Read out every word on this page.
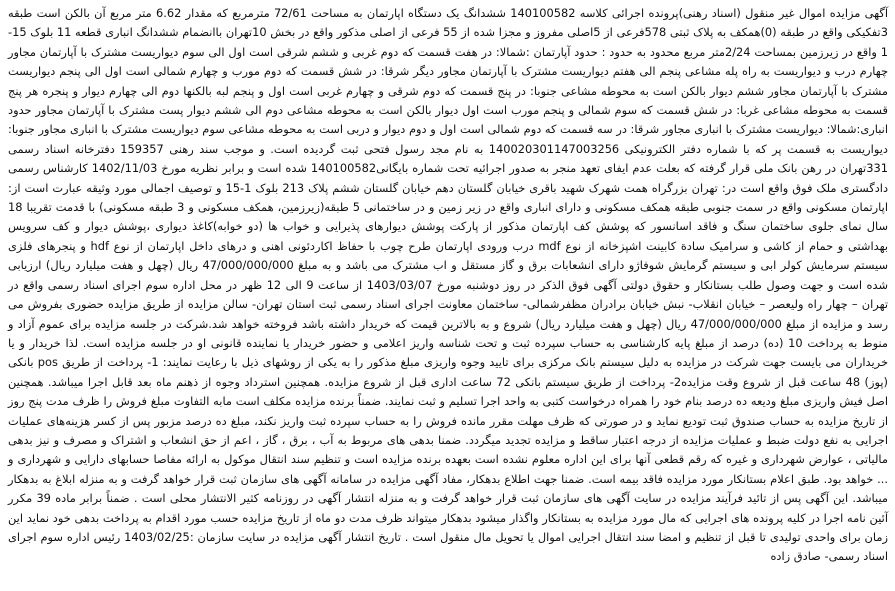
آگهی مزایده اموال غیر منقول (اسناد رهنی)پرونده اجرائی کلاسه 140100582 ششدانگ یک دستگاه اپارتمان به مساحت 72/61 مترمربع که مقدار 6.62 متر مربع آن بالکن است طبقه 3تفکیکی واقع در طبقه (0)همکف به پلاک ثبتی 578فرعی از 5اصلی مفروز و مجزا شده از 55 فرعی از اصلی مذکور واقع در بخش 10تهران باانضمام ششدانگ انباری قطعه 11 بلوک 15-1 واقع در زیرزمین بمساحت 2/24متر مربع محدود به حدود : حدود آپارتمان :شمالا: در هفت قسمت که دوم غربی و ششم شرقی است اول الی سوم دیواریست مشترک با آپارتمان مجاور چهارم درب و دیواریست به راه پله مشاعی پنجم الی هفتم دیواریست مشترک با آپارتمان مجاور دیگر شرقا: در شش قسمت که دوم مورب و چهارم شمالی است اول الی پنجم دیواریست مشترک با آپارتمان مجاور ششم دیوار بالکن است به محوطه مشاعی جنوبا: در پنج قسمت که دوم شرقی و چهارم غربی است اول و پنجم لبه بالکنها دوم الی چهارم دیوار و پنجره هر پنج قسمت به محوطه مشاعی غربا: در شش قسمت که سوم شمالی و پنجم مورب است اول دیوار بالکن است به محوطه مشاعی دوم الی ششم دیوار پست مشترک با آپارتمان مجاور حدود انباری:شمالا: دیواریست مشترک با انباری مجاور شرقا: در سه قسمت که دوم شمالی است اول و دوم دیوار و دربی است به محوطه مشاعی سوم دیواریست مشترک با انباری مجاور جنوبا: دیواریست به قسمت پر که با شماره دفتر الکترونیکی 140020301147003256 به نام مجد رسول فتحی ثبت گردیده است. و موجب سند رهنی 159357 دفترخانه اسناد رسمی 331تهران در رهن بانک ملی قرار گرفته که بعلت عدم ایفای تعهد منجر به صدور اجرائیه تحت شماره بایگانی140100582 شده است و برابر نظریه مورخ 1402/11/03 کارشناس رسمی دادگستری ملک فوق واقع است در: تهران بزرگراه همت شهرک شهید باقری خیابان گلستان دهم خیابان گلستان ششم پلاک 213 بلوک 1-15 و توصیف اجمالی مورد وثیقه عبارت است از: اپارتمان مسکونی واقع در سمت جنوبی طبقه همکف مسکونی و دارای انباری واقع در زیر زمین و در ساختمانی 5 طبقه(زیرزمین، همکف مسکونی و 3 طبقه مسکونی) با قدمت تقریبا 18 سال نمای جلوی ساختمان سنگ و فاقد اسانسور که پوشش کف اپارتمان مذکور از پارکت پوشش دیوارهای پذیرایی و خواب ها (دو خوابه)کاغذ دیواری ،پوشش دیوار و کف سرویس بهداشتی و حمام از کاشی و سرامیک سادة کابینت اشپزخانه از نوع mdf درب ورودی اپارتمان طرح چوب با حفاظ اکاردئونی اهنی و درهای داخل اپارتمان از نوع hdf و پنجرهای فلزی سیستم سرمایش کولر ابی و سیستم گرمایش شوفاژو دارای انشعابات برق و گاز مستقل و اب مشترک می باشد و به مبلغ 47/000/000/000 ریال (چهل و هفت میلیارد ریال) ارزیابی شده است و جهت وصول طلب بستانکار و حقوق دولتی آگهی فوق الذکر در روز دوشنبه مورخ 1403/03/07 از ساعت 9 الی 12 ظهر در محل اداره سوم اجرای اسناد رسمی واقع در تهران – چهار راه ولیعصر – خیابان انقلاب- نبش خیابان برادران مظفرشمالی- ساختمان معاونت اجرای اسناد رسمی ثبت استان تهران- سالن مزایده از طریق مزایده حضوری بفروش می رسد و مزایده از مبلغ 47/000/000/000 ریال (چهل و هفت میلیارد ریال) شروع و به بالاترین قیمت که خریدار داشته باشد فروخته خواهد شد.شرکت در جلسه مزایده برای عموم آزاد و منوط به پرداخت 10 (ده) درصد از مبلغ پایه کارشناسی به حساب سپرده ثبت و تحت شناسه واریز اعلامی و حضور خریدار یا نماینده قانونی او در جلسه مزایده است. لذا خریدار و یا خریداران می بایست جهت شرکت در مزایده به دلیل سیستم بانک مرکزی برای تایید وجوه واریزی مبلغ مذکور را به یکی از روشهای ذیل با رعایت نمایند: 1- پرداخت از طریق pos بانکی (پوز) 48 ساعت قبل از شروع وقت مزایده2- پرداخت از طریق سیستم بانکی 72 ساعت اداری قبل از شروع مزایده. همچنین استرداد وجوه از ذهنم ماه بعد قابل اجرا میباشد. همچنین اصل فیش واریزی مبلغ ودیعه ده درصد بنام خود را همراه درخواست کتبی به واحد اجرا تسلیم و ثبت نمایند. ضمناً برنده مزایده مکلف است مابه التفاوت مبلغ فروش را ظرف مدت پنج روز از تاریخ مزایده به حساب صندوق ثبت تودیع نماید و در صورتی که ظرف مهلت مقرر مانده فروش را به حساب سپرده ثبت واریز نکند، مبلغ ده درصد مزبور پس از کسر هزینه‌های عملیات اجرایی به نفع دولت ضبط و عملیات مزایده از درجه اعتبار ساقط و مزایده تجدید میگردد. ضمنا بدهی های مربوط به آب ، برق ، گاز ، اعم از حق انشعاب و اشتراک و مصرف و نیز بدهی مالیاتی ، عوارض شهرداری و غیره که رقم قطعی آنها برای این اداره معلوم نشده است بعهده برنده مزایده است و تنظیم سند انتقال موکول به ارائه مفاصا حسابهای دارایی و شهرداری و ... خواهد بود. طبق اعلام بستانکار مورد مزایده فاقد بیمه است. ضمنا جهت اطلاع بدهکار، مفاد آگهی مزایده در سامانه آگهی های سازمان ثبت قرار خواهد گرفت و به منزله ابلاغ به بدهکار میباشد. این آگهی پس از تائید فرآیند مزایده در سایت آگهی های سازمان ثبت قرار خواهد گرفت و به منزله انتشار آگهی در روزنامه کثیر الانتشار محلی است . ضمناً برابر ماده 39 مکرر آئین نامه اجرا در کلیه پرونده های اجرایی که مال مورد مزایده به بستانکار واگذار میشود بدهکار میتواند ظرف مدت دو ماه از تاریخ مزایده حسب مورد اقدام به پرداخت بدهی خود نماید این زمان برای واحدی تولیدی تا قبل از تنظیم و امضا سند انتقال اجرایی اموال یا تحویل مال منقول است . تاریخ انتشار آگهی مزایده در سایت سازمان :1403/02/25 رئیس اداره سوم اجرای اسناد رسمی- صادق زاده
